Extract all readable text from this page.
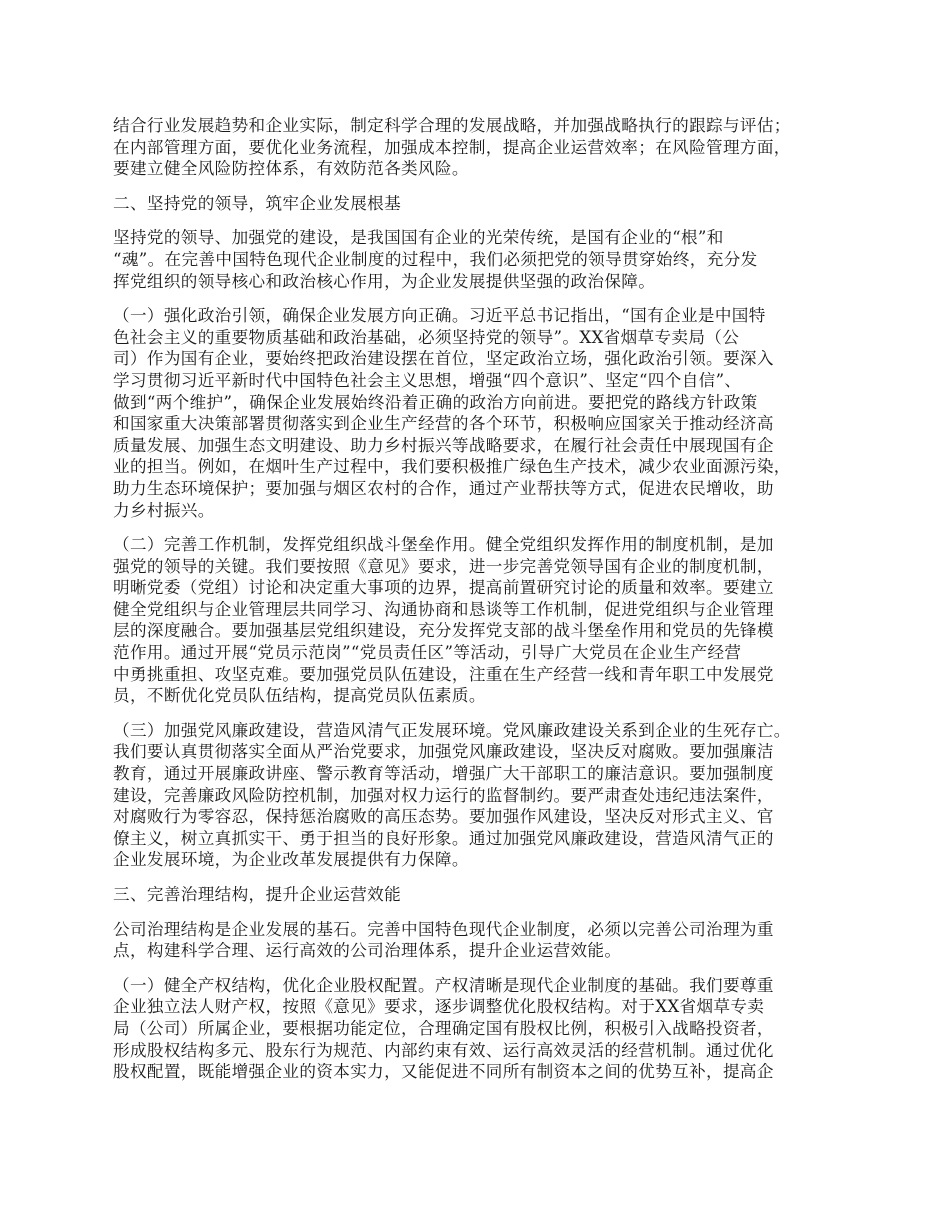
结合行业发展趋势和企业实际，制定科学合理的发展战略，并加强战略执行的跟踪与评估；
在内部管理方面，要优化业务流程，加强成本控制，提高企业运营效率；在风险管理方面，
要建立健全风险防控体系，有效防范各类风险。
二、坚持党的领导，筑牢企业发展根基
坚持党的领导、加强党的建设，是我国国有企业的光荣传统，是国有企业的“根”和
“魂”。在完善中国特色现代企业制度的过程中，我们必须把党的领导贯穿始终，充分发
挥党组织的领导核心和政治核心作用，为企业发展提供坚强的政治保障。
（一）强化政治引领，确保企业发展方向正确。习近平总书记指出，“国有企业是中国特
色社会主义的重要物质基础和政治基础，必须坚持党的领导”。XX省烟草专卖局（公
司）作为国有企业，要始终把政治建设摆在首位，坚定政治立场，强化政治引领。要深入
学习贯彻习近平新时代中国特色社会主义思想，增强“四个意识”、坚定“四个自信”、
做到“两个维护”，确保企业发展始终沿着正确的政治方向前进。要把党的路线方针政策
和国家重大决策部署贯彻落实到企业生产经营的各个环节，积极响应国家关于推动经济高
质量发展、加强生态文明建设、助力乡村振兴等战略要求，在履行社会责任中展现国有企
业的担当。例如，在烟叶生产过程中，我们要积极推广绿色生产技术，减少农业面源污染，
助力生态环境保护；要加强与烟区农村的合作，通过产业帮扶等方式，促进农民增收，助
力乡村振兴。
（二）完善工作机制，发挥党组织战斗堡垒作用。健全党组织发挥作用的制度机制，是加
强党的领导的关键。我们要按照《意见》要求，进一步完善党领导国有企业的制度机制，
明晰党委（党组）讨论和决定重大事项的边界，提高前置研究讨论的质量和效率。要建立
健全党组织与企业管理层共同学习、沟通协商和恳谈等工作机制，促进党组织与企业管理
层的深度融合。要加强基层党组织建设，充分发挥党支部的战斗堡垒作用和党员的先锋模
范作用。通过开展“党员示范岗”“党员责任区”等活动，引导广大党员在企业生产经营
中勇挑重担、攻坚克难。要加强党员队伍建设，注重在生产经营一线和青年职工中发展党
员，不断优化党员队伍结构，提高党员队伍素质。
（三）加强党风廉政建设，营造风清气正发展环境。党风廉政建设关系到企业的生死存亡。
我们要认真贯彻落实全面从严治党要求，加强党风廉政建设，坚决反对腐败。要加强廉洁
教育，通过开展廉政讲座、警示教育等活动，增强广大干部职工的廉洁意识。要加强制度
建设，完善廉政风险防控机制，加强对权力运行的监督制约。要严肃查处违纪违法案件，
对腐败行为零容忍，保持惩治腐败的高压态势。要加强作风建设，坚决反对形式主义、官
僚主义，树立真抓实干、勇于担当的良好形象。通过加强党风廉政建设，营造风清气正的
企业发展环境，为企业改革发展提供有力保障。
三、完善治理结构，提升企业运营效能
公司治理结构是企业发展的基石。完善中国特色现代企业制度，必须以完善公司治理为重
点，构建科学合理、运行高效的公司治理体系，提升企业运营效能。
（一）健全产权结构，优化企业股权配置。产权清晰是现代企业制度的基础。我们要尊重
企业独立法人财产权，按照《意见》要求，逐步调整优化股权结构。对于XX省烟草专卖
局（公司）所属企业，要根据功能定位，合理确定国有股权比例，积极引入战略投资者，
形成股权结构多元、股东行为规范、内部约束有效、运行高效灵活的经营机制。通过优化
股权配置，既能增强企业的资本实力，又能促进不同所有制资本之间的优势互补，提高企
